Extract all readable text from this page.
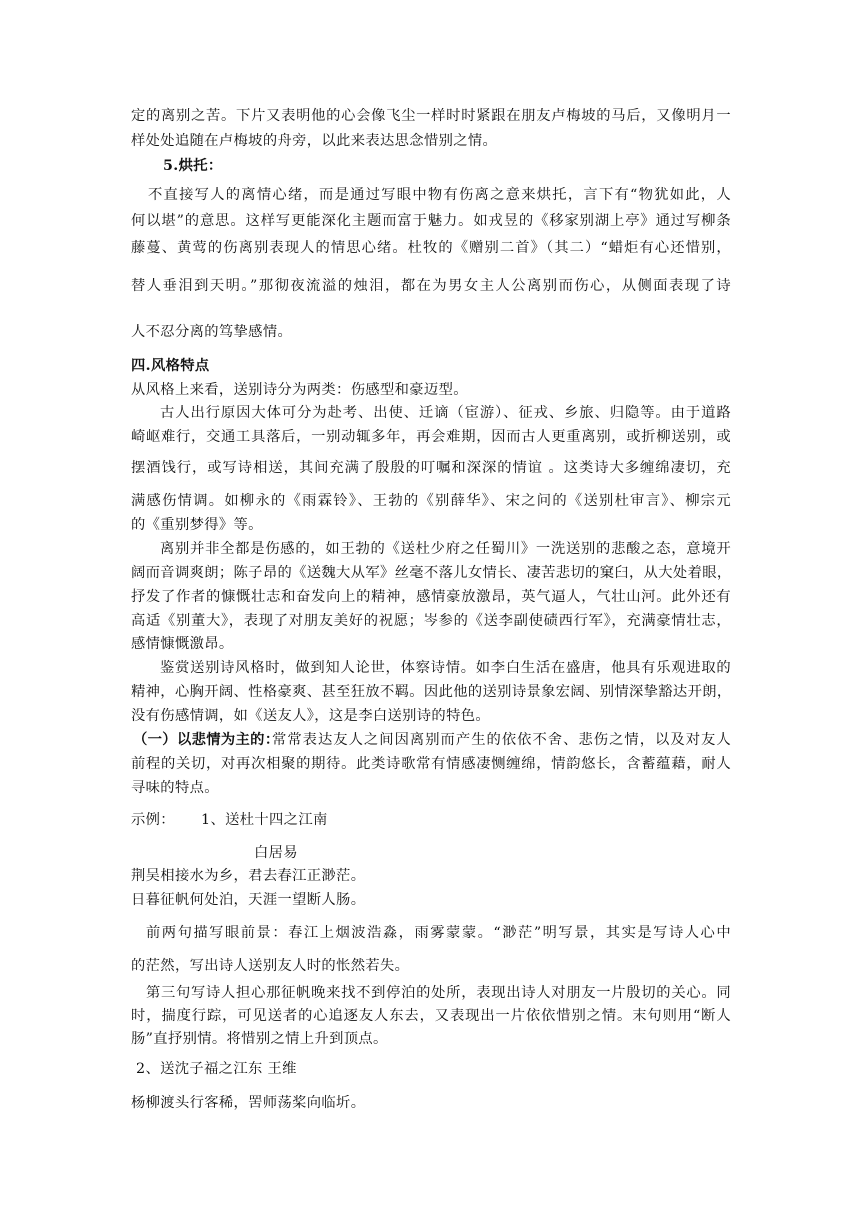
定的离别之苦。下片又表明他的心会像飞尘一样时时紧跟在朋友卢梅坡的马后，又像明月一
样处处追随在卢梅坡的舟旁，以此来表达思念惜别之情。
5.烘托：
不直接写人的离情心绪，而是通过写眼中物有伤离之意来烘托，言下有“物犹如此，人
何以堪”的意思。这样写更能深化主题而富于魅力。如戎昱的《移家别湖上亭》通过写柳条
藤蔓、黄莺的伤离别表现人的情思心绪。杜牧的《赠别二首》（其二）“蜡炬有心还惜别，
替人垂泪到天明。”那彻夜流溢的烛泪，都在为男女主人公离别而伤心，从侧面表现了诗
人不忍分离的笃挚感情。
四.风格特点
从风格上来看，送别诗分为两类：伤感型和豪迈型。
古人出行原因大体可分为赴考、出使、迁谪（宦游）、征戎、乡旅、归隐等。由于道路
崎岖难行，交通工具落后，一别动辄多年，再会难期，因而古人更重离别，或折柳送别，或
摆酒饯行，或写诗相送，其间充满了殷殷的叮嘱和深深的情谊 。这类诗大多缠绵凄切，充
满感伤情调。如柳永的《雨霖铃》、王勃的《别薛华》、宋之问的《送别杜审言》、柳宗元
的《重别梦得》等。
离别并非全都是伤感的，如王勃的《送杜少府之任蜀川》一洗送别的悲酸之态，意境开
阔而音调爽朗；陈子昂的《送魏大从军》丝毫不落儿女情长、凄苦悲切的窠臼，从大处着眼，
抒发了作者的慷慨壮志和奋发向上的精神，感情豪放激昂，英气逼人，气壮山河。此外还有
高适《别董大》，表现了对朋友美好的祝愿；岑参的《送李副使碛西行军》，充满豪情壮志，
感情慷慨激昂。
鉴赏送别诗风格时，做到知人论世，体察诗情。如李白生活在盛唐，他具有乐观进取的
精神，心胸开阔、性格豪爽、甚至狂放不羁。因此他的送别诗景象宏阔、别情深挚豁达开朗，
没有伤感情调，如《送友人》，这是李白送别诗的特色。
（一）以悲情为主的：
常常表达友人之间因离别而产生的依依不舍、悲伤之情，以及对友人
前程的关切，对再次相聚的期待。此类诗歌常有情感凄恻缠绵，情韵悠长，含蓄蕴藉，耐人
寻味的特点。
示例： 1、送杜十四之江南
白居易
荆吴相接水为乡，君去春江正渺茫。
日暮征帆何处泊，天涯一望断人肠。
前两句描写眼前景：春江上烟波浩淼，雨雾蒙蒙。“渺茫”明写景，其实是写诗人心中
的茫然，写出诗人送别友人时的怅然若失。
第三句写诗人担心那征帆晚来找不到停泊的处所，表现出诗人对朋友一片殷切的关心。同
时，揣度行踪，可见送者的心追逐友人东去，又表现出一片依依惜别之情。末句则用“断人
肠”直抒别情。将惜别之情上升到顶点。
2、送沈子福之江东 王维
杨柳渡头行客稀，罟师荡桨向临圻。
